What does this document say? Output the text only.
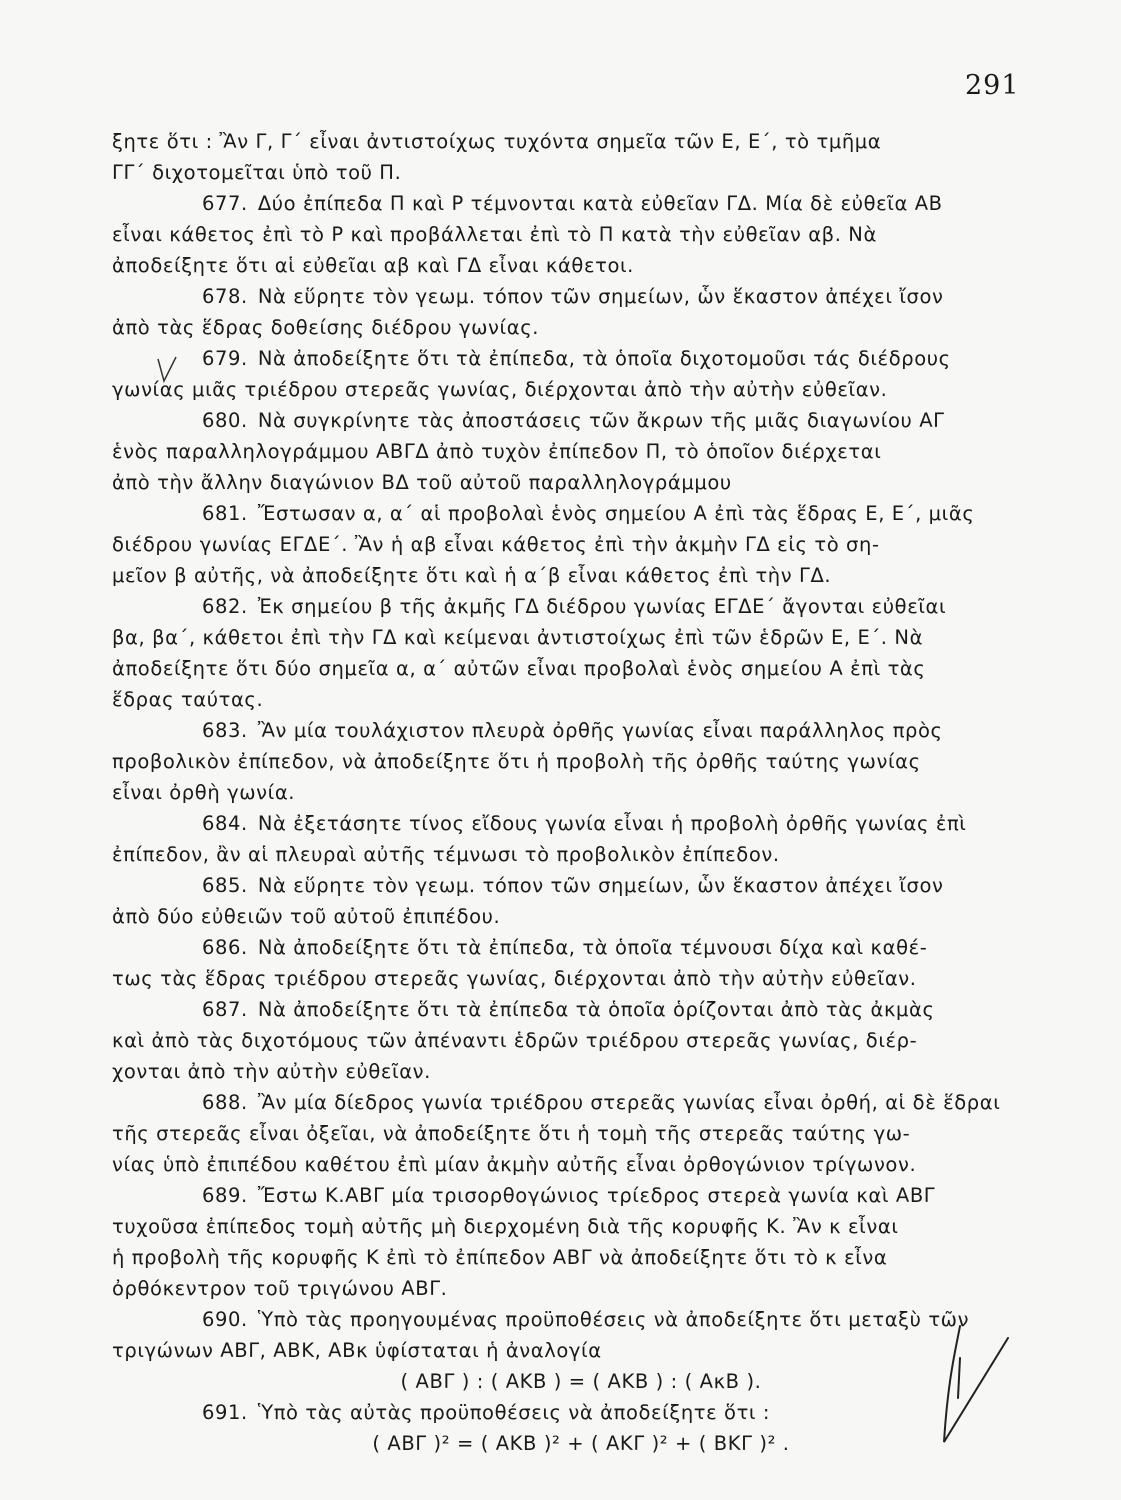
291
ξητε ὅτι : Ἂν Γ, Γ΄ εἶναι ἀντιστοίχως τυχόντα σημεῖα τῶν Ε, Ε΄, τὸ τμῆμα
ΓΓ΄ διχοτομεῖται ὑπὸ τοῦ Π.
677. Δύο ἐπίπεδα Π καὶ Ρ τέμνονται κατὰ εὐθεῖαν ΓΔ. Μία δὲ εὐθεῖα ΑΒ
εἶναι κάθετος ἐπὶ τὸ Ρ καὶ προβάλλεται ἐπὶ τὸ Π κατὰ τὴν εὐθεῖαν αβ. Νὰ
ἀποδείξητε ὅτι αἱ εὐθεῖαι αβ καὶ ΓΔ εἶναι κάθετοι.
678. Νὰ εὕρητε τὸν γεωμ. τόπον τῶν σημείων, ὧν ἕκαστον ἀπέχει ἴσον
ἀπὸ τὰς ἕδρας δοθείσης διέδρου γωνίας.
679. Νὰ ἀποδείξητε ὅτι τὰ ἐπίπεδα, τὰ ὁποῖα διχοτομοῦσι τάς διέδρους
γωνίας μιᾶς τριέδρου στερεᾶς γωνίας, διέρχονται ἀπὸ τὴν αὐτὴν εὐθεῖαν.
680. Νὰ συγκρίνητε τὰς ἀποστάσεις τῶν ἄκρων τῆς μιᾶς διαγωνίου ΑΓ
ἑνὸς παραλληλογράμμου ΑΒΓΔ ἀπὸ τυχὸν ἐπίπεδον Π, τὸ ὁποῖον διέρχεται
ἀπὸ τὴν ἄλλην διαγώνιον ΒΔ τοῦ αὐτοῦ παραλληλογράμμου
681. Ἔστωσαν α, α΄ αἱ προβολαὶ ἑνὸς σημείου Α ἐπὶ τὰς ἕδρας Ε, Ε΄, μιᾶς
διέδρου γωνίας ΕΓΔΕ΄. Ἂν ἡ αβ εἶναι κάθετος ἐπὶ τὴν ἀκμὴν ΓΔ εἰς τὸ ση-
μεῖον β αὐτῆς, νὰ ἀποδείξητε ὅτι καὶ ἡ α΄β εἶναι κάθετος ἐπὶ τὴν ΓΔ.
682. Ἐκ σημείου β τῆς ἀκμῆς ΓΔ διέδρου γωνίας ΕΓΔΕ΄ ἄγονται εὐθεῖαι
βα, βα΄, κάθετοι ἐπὶ τὴν ΓΔ καὶ κείμεναι ἀντιστοίχως ἐπὶ τῶν ἑδρῶν Ε, Ε΄. Νὰ
ἀποδείξητε ὅτι δύο σημεῖα α, α΄ αὐτῶν εἶναι προβολαὶ ἑνὸς σημείου Α ἐπὶ τὰς
ἕδρας ταύτας.
683. Ἂν μία τουλάχιστον πλευρὰ ὀρθῆς γωνίας εἶναι παράλληλος πρὸς
προβολικὸν ἐπίπεδον, νὰ ἀποδείξητε ὅτι ἡ προβολὴ τῆς ὀρθῆς ταύτης γωνίας
εἶναι ὀρθὴ γωνία.
684. Νὰ ἐξετάσητε τίνος εἴδους γωνία εἶναι ἡ προβολὴ ὀρθῆς γωνίας ἐπὶ
ἐπίπεδον, ἂν αἱ πλευραὶ αὐτῆς τέμνωσι τὸ προβολικὸν ἐπίπεδον.
685. Νὰ εὕρητε τὸν γεωμ. τόπον τῶν σημείων, ὧν ἕκαστον ἀπέχει ἴσον
ἀπὸ δύο εὐθειῶν τοῦ αὐτοῦ ἐπιπέδου.
686. Νὰ ἀποδείξητε ὅτι τὰ ἐπίπεδα, τὰ ὁποῖα τέμνουσι δίχα καὶ καθέ-
τως τὰς ἕδρας τριέδρου στερεᾶς γωνίας, διέρχονται ἀπὸ τὴν αὐτὴν εὐθεῖαν.
687. Νὰ ἀποδείξητε ὅτι τὰ ἐπίπεδα τὰ ὁποῖα ὁρίζονται ἀπὸ τὰς ἀκμὰς
καὶ ἀπὸ τὰς διχοτόμους τῶν ἀπέναντι ἑδρῶν τριέδρου στερεᾶς γωνίας, διέρ-
χονται ἀπὸ τὴν αὐτὴν εὐθεῖαν.
688. Ἂν μία δίεδρος γωνία τριέδρου στερεᾶς γωνίας εἶναι ὀρθή, αἱ δὲ ἕδραι
τῆς στερεᾶς εἶναι ὀξεῖαι, νὰ ἀποδείξητε ὅτι ἡ τομὴ τῆς στερεᾶς ταύτης γω-
νίας ὑπὸ ἐπιπέδου καθέτου ἐπὶ μίαν ἀκμὴν αὐτῆς εἶναι ὀρθογώνιον τρίγωνον.
689. Ἔστω Κ.ΑΒΓ μία τρισορθογώνιος τρίεδρος στερεὰ γωνία καὶ ΑΒΓ
τυχοῦσα ἐπίπεδος τομὴ αὐτῆς μὴ διερχομένη διὰ τῆς κορυφῆς Κ. Ἂν κ εἶναι
ἡ προβολὴ τῆς κορυφῆς Κ ἐπὶ τὸ ἐπίπεδον ΑΒΓ νὰ ἀποδείξητε ὅτι τὸ κ εἶνα
ὀρθόκεντρον τοῦ τριγώνου ΑΒΓ.
690. Ὑπὸ τὰς προηγουμένας προϋποθέσεις νὰ ἀποδείξητε ὅτι μεταξὺ τῶν
τριγώνων ΑΒΓ, ΑΒΚ, ΑΒκ ὑφίσταται ἡ ἀναλογία
( ΑΒΓ ) : ( ΑΚΒ ) = ( ΑΚΒ ) : ( ΑκΒ ).
691. Ὑπὸ τὰς αὐτὰς προϋποθέσεις νὰ ἀποδείξητε ὅτι :
( ΑΒΓ )² = ( ΑΚΒ )² + ( ΑΚΓ )² + ( ΒΚΓ )² .
